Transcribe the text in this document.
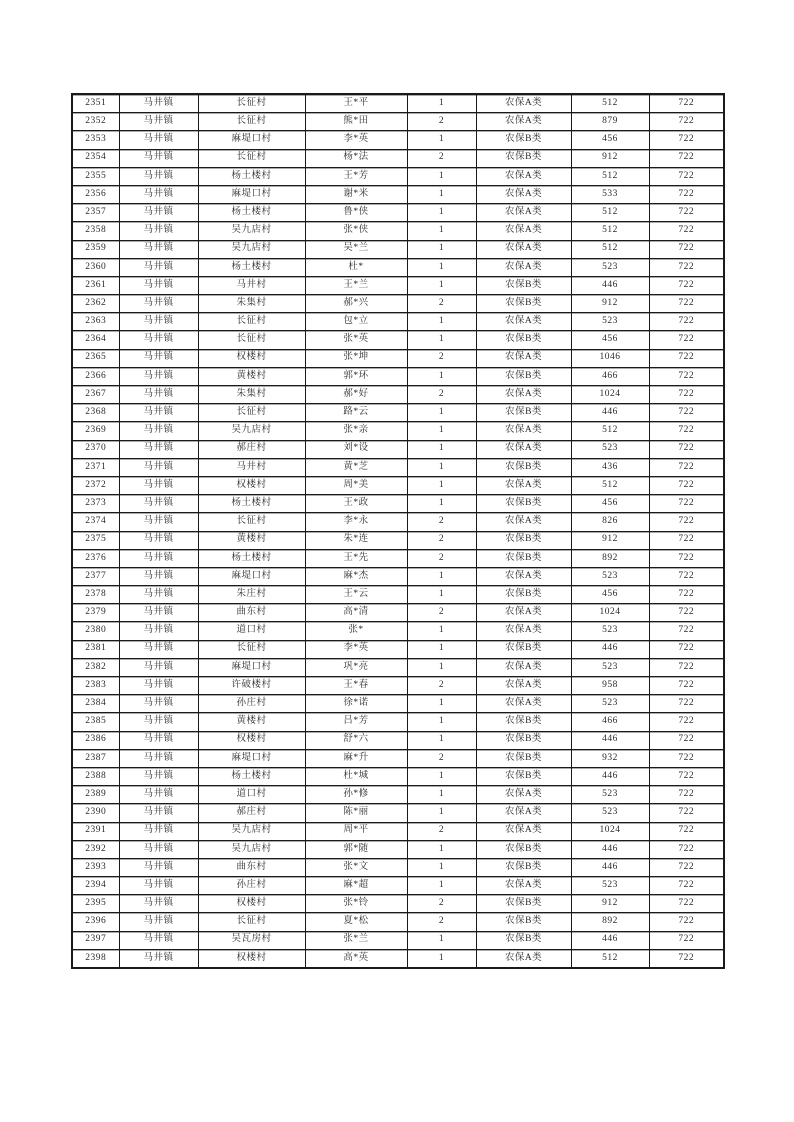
2351	马井镇	长征村	王*平	1	农保A类	512	722
2352	马井镇	长征村	熊*田	2	农保A类	879	722
2353	马井镇	麻堤口村	李*英	1	农保B类	456	722
2354	马井镇	长征村	杨*法	2	农保B类	912	722
2355	马井镇	杨土楼村	王*芳	1	农保A类	512	722
2356	马井镇	麻堤口村	谢*米	1	农保A类	533	722
2357	马井镇	杨土楼村	鲁*侠	1	农保A类	512	722
2358	马井镇	吴九店村	张*侠	1	农保A类	512	722
2359	马井镇	吴九店村	吴*兰	1	农保A类	512	722
2360	马井镇	杨土楼村	杜*	1	农保A类	523	722
2361	马井镇	马井村	王*兰	1	农保B类	446	722
2362	马井镇	朱集村	郝*兴	2	农保B类	912	722
2363	马井镇	长征村	包*立	1	农保A类	523	722
2364	马井镇	长征村	张*英	1	农保B类	456	722
2365	马井镇	权楼村	张*坤	2	农保A类	1046	722
2366	马井镇	黄楼村	郭*环	1	农保B类	466	722
2367	马井镇	朱集村	郝*好	2	农保A类	1024	722
2368	马井镇	长征村	路*云	1	农保B类	446	722
2369	马井镇	吴九店村	张*亲	1	农保A类	512	722
2370	马井镇	郝庄村	刘*设	1	农保A类	523	722
2371	马井镇	马井村	黄*芝	1	农保B类	436	722
2372	马井镇	权楼村	周*美	1	农保A类	512	722
2373	马井镇	杨土楼村	王*政	1	农保B类	456	722
2374	马井镇	长征村	李*永	2	农保A类	826	722
2375	马井镇	黄楼村	朱*连	2	农保B类	912	722
2376	马井镇	杨土楼村	王*先	2	农保B类	892	722
2377	马井镇	麻堤口村	麻*杰	1	农保A类	523	722
2378	马井镇	朱庄村	王*云	1	农保B类	456	722
2379	马井镇	曲东村	高*清	2	农保A类	1024	722
2380	马井镇	道口村	张*	1	农保A类	523	722
2381	马井镇	长征村	李*英	1	农保B类	446	722
2382	马井镇	麻堤口村	巩*亮	1	农保A类	523	722
2383	马井镇	许破楼村	王*春	2	农保A类	958	722
2384	马井镇	孙庄村	徐*诺	1	农保A类	523	722
2385	马井镇	黄楼村	吕*芳	1	农保B类	466	722
2386	马井镇	权楼村	舒*六	1	农保B类	446	722
2387	马井镇	麻堤口村	麻*升	2	农保B类	932	722
2388	马井镇	杨土楼村	杜*城	1	农保B类	446	722
2389	马井镇	道口村	孙*修	1	农保A类	523	722
2390	马井镇	郝庄村	陈*丽	1	农保A类	523	722
2391	马井镇	吴九店村	周*平	2	农保A类	1024	722
2392	马井镇	吴九店村	郭*随	1	农保B类	446	722
2393	马井镇	曲东村	张*文	1	农保B类	446	722
2394	马井镇	孙庄村	麻*超	1	农保A类	523	722
2395	马井镇	权楼村	张*铃	2	农保B类	912	722
2396	马井镇	长征村	夏*松	2	农保B类	892	722
2397	马井镇	吴瓦房村	张*兰	1	农保B类	446	722
2398	马井镇	权楼村	高*英	1	农保A类	512	722
